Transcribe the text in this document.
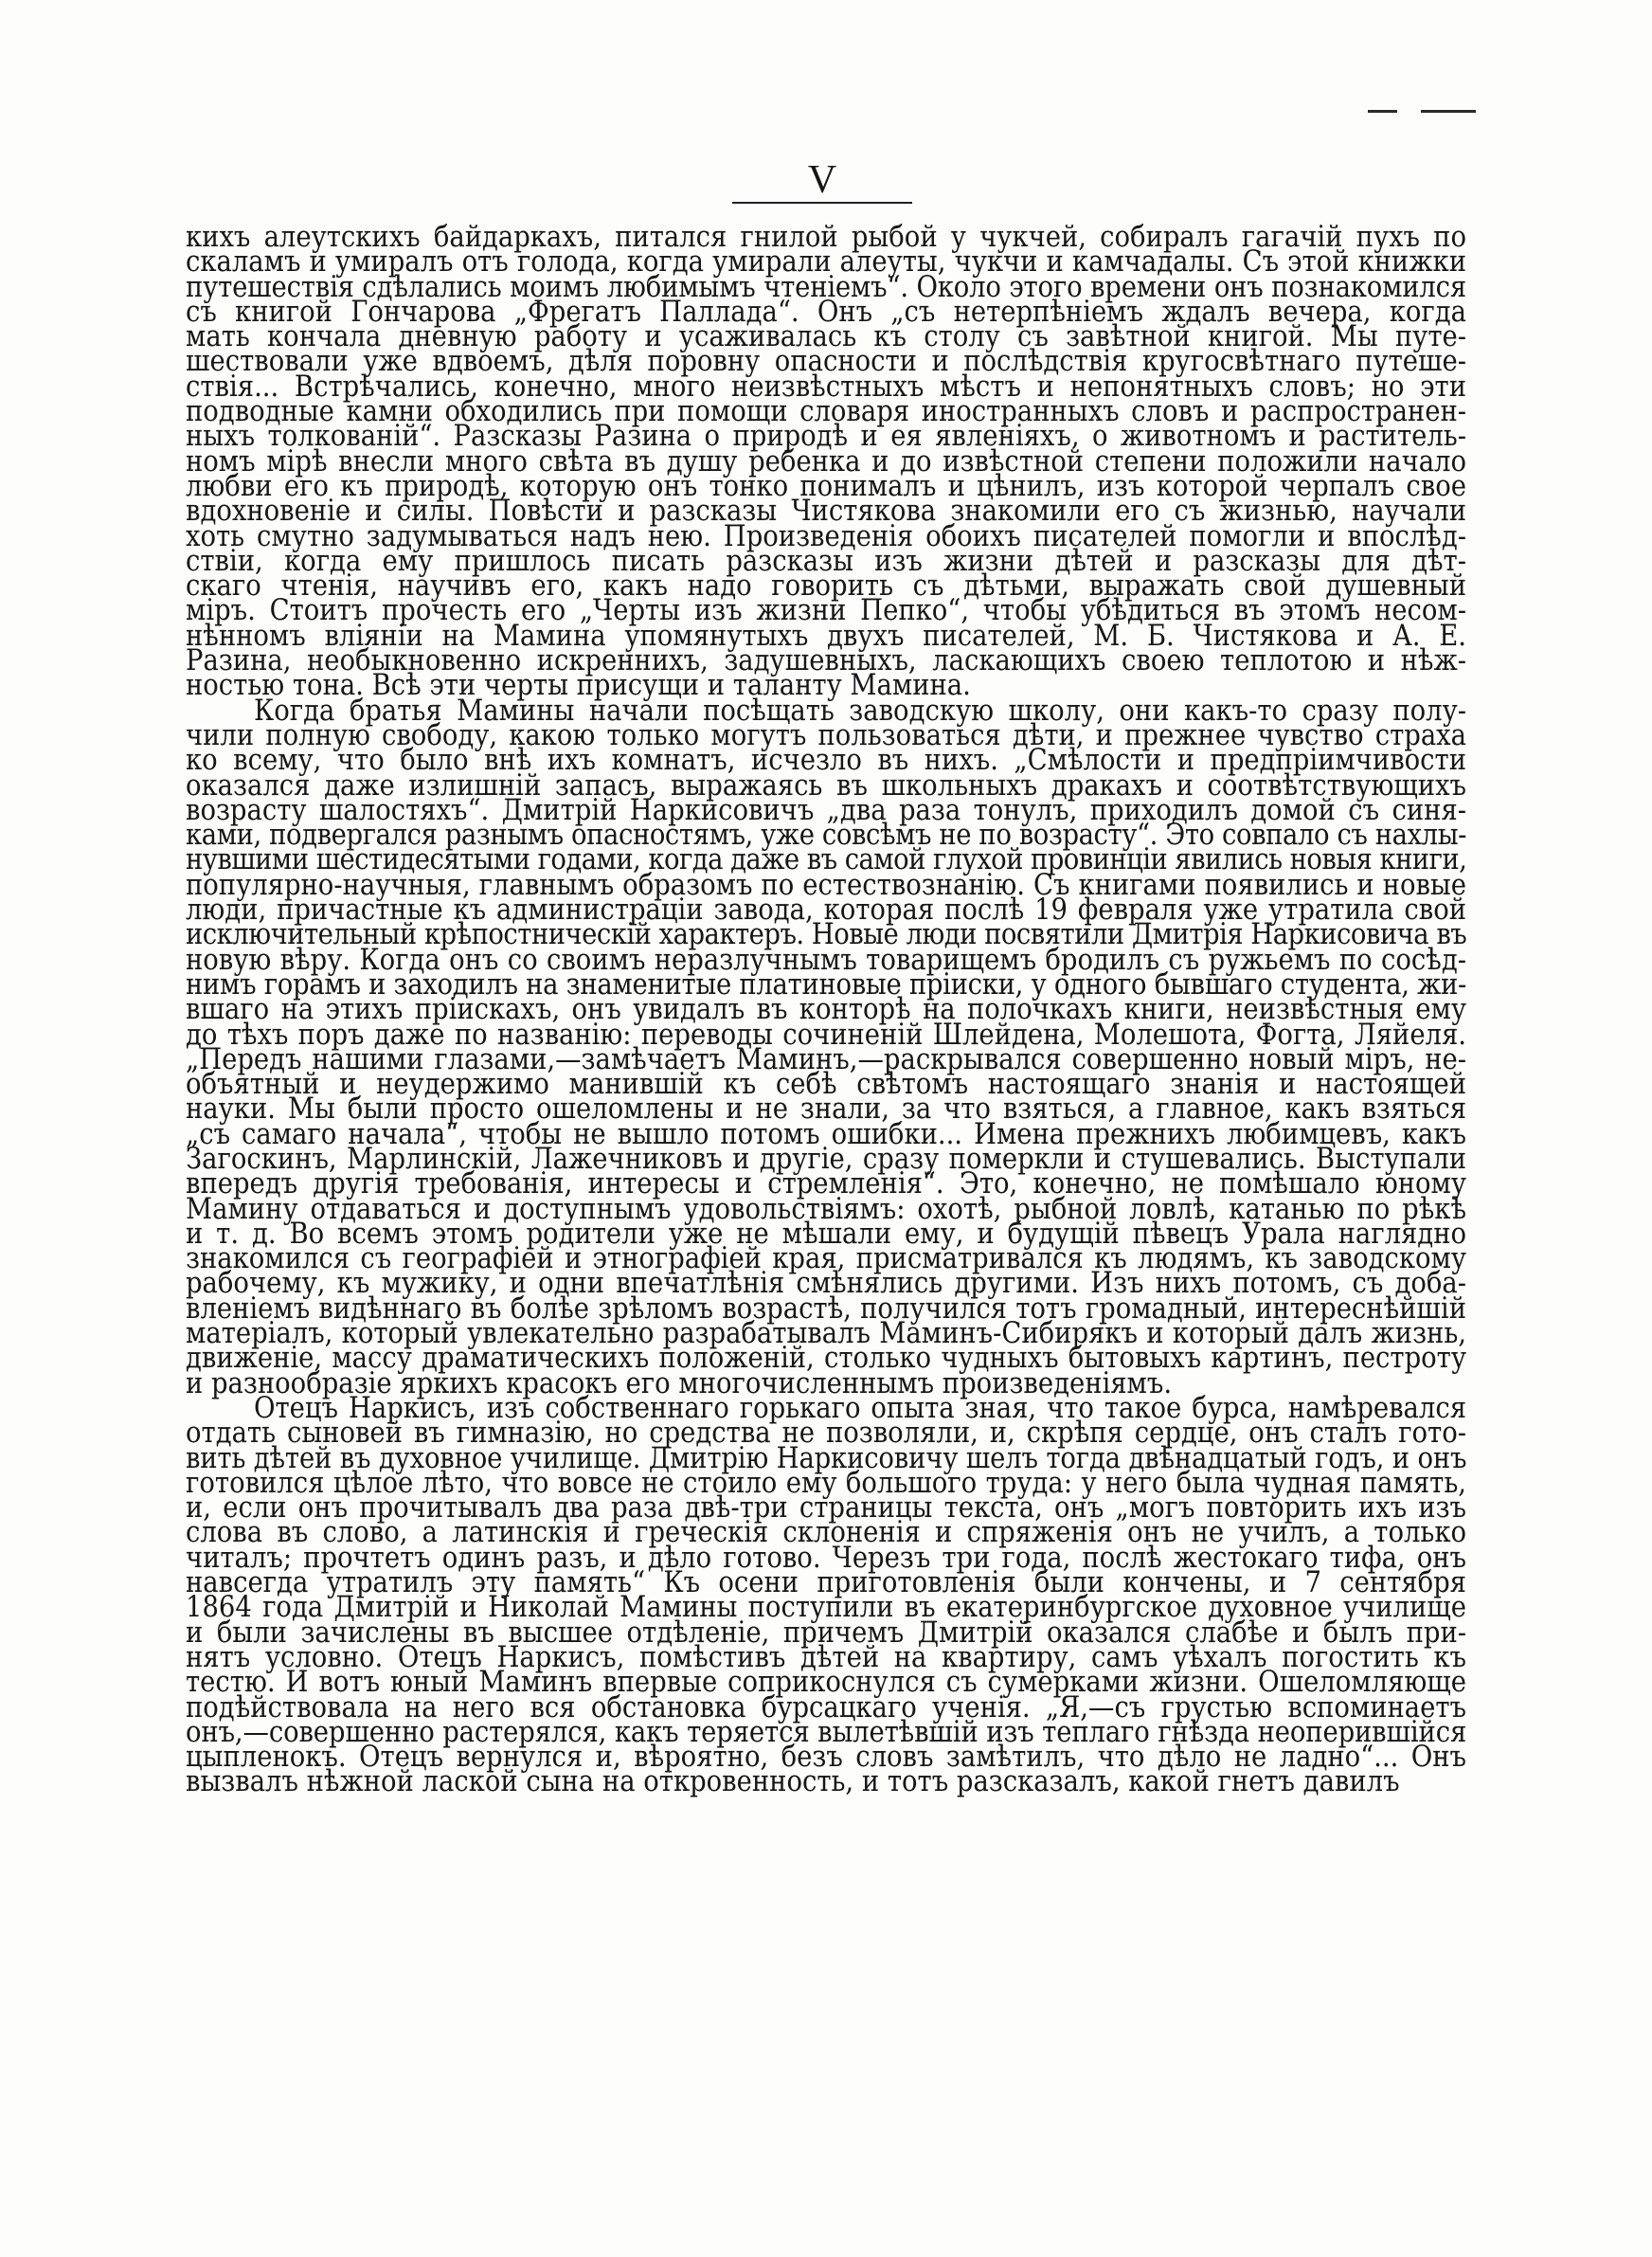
V
кихъ алеутскихъ байдаркахъ, питался гнилой рыбой у чукчей, собиралъ гагачій пухъ по
скаламъ и умиралъ отъ голода, когда умирали алеуты, чукчи и камчадалы. Съ этой книжки
путешествія сдѣлались моимъ любимымъ чтеніемъ“. Около этого времени онъ познакомился
съ книгой Гончарова „Фрегатъ Паллада“. Онъ „съ нетерпѣніемъ ждалъ вечера, когда
мать кончала дневную работу и усаживалась къ столу съ завѣтной книгой. Мы путе-
шествовали уже вдвоемъ, дѣля поровну опасности и послѣдствія кругосвѣтнаго путеше-
ствія... Встрѣчались, конечно, много неизвѣстныхъ мѣстъ и непонятныхъ словъ; но эти
подводные камни обходились при помощи словаря иностранныхъ словъ и распространен-
ныхъ толкованій“. Разсказы Разина о природѣ и ея явленіяхъ, о животномъ и раститель-
номъ мірѣ внесли много свѣта въ душу ребенка и до извѣстной степени положили начало
любви его къ природѣ, которую онъ тонко понималъ и цѣнилъ, изъ которой черпалъ свое
вдохновеніе и силы. Повѣсти и разсказы Чистякова знакомили его съ жизнью, научали
хоть смутно задумываться надъ нею. Произведенія обоихъ писателей помогли и впослѣд-
ствіи, когда ему пришлось писать разсказы изъ жизни дѣтей и разсказы для дѣт-
скаго чтенія, научивъ его, какъ надо говорить съ дѣтьми, выражать свой душевный
міръ. Стоитъ прочесть его „Черты изъ жизни Пепко“, чтобы убѣдиться въ этомъ несом-
нѣнномъ вліяніи на Мамина упомянутыхъ двухъ писателей, М. Б. Чистякова и А. Е.
Разина, необыкновенно искреннихъ, задушевныхъ, ласкающихъ своею теплотою и нѣж-
ностью тона. Всѣ эти черты присущи и таланту Мамина.
Когда братья Мамины начали посѣщать заводскую школу, они какъ-то сразу полу-
чили полную свободу, какою только могутъ пользоваться дѣти, и прежнее чувство страха
ко всему, что было внѣ ихъ комнатъ, исчезло въ нихъ. „Смѣлости и предпріимчивости
оказался даже излишній запасъ, выражаясь въ школьныхъ дракахъ и соотвѣтствующихъ
возрасту шалостяхъ“. Дмитрій Наркисовичъ „два раза тонулъ, приходилъ домой съ синя-
ками, подвергался разнымъ опасностямъ, уже совсѣмъ не по возрасту“. Это совпало съ нахлы-
нувшими шестидесятыми годами, когда даже въ самой глухой провинціи явились новыя книги,
популярно-научныя, главнымъ образомъ по естествознанію. Съ книгами появились и новые
люди, причастные къ администраціи завода, которая послѣ 19 февраля уже утратила свой
исключительный крѣпостническій характеръ. Новые люди посвятили Дмитрія Наркисовича въ
новую вѣру. Когда онъ со своимъ неразлучнымъ товарищемъ бродилъ съ ружьемъ по сосѣд-
нимъ горамъ и заходилъ на знаменитые платиновые пріиски, у одного бывшаго студента, жи-
вшаго на этихъ пріискахъ, онъ увидалъ въ конторѣ на полочкахъ книги, неизвѣстныя ему
до тѣхъ поръ даже по названію: переводы сочиненій Шлейдена, Молешота, Фогта, Ляйеля.
„Передъ нашими глазами,—замѣчаетъ Маминъ,—раскрывался совершенно новый міръ, не-
объятный и неудержимо манившій къ себѣ свѣтомъ настоящаго знанія и настоящей
науки. Мы были просто ошеломлены и не знали, за что взяться, а главное, какъ взяться
„съ самаго начала“, чтобы не вышло потомъ ошибки... Имена прежнихъ любимцевъ, какъ
Загоскинъ, Марлинскій, Лажечниковъ и другіе, сразу померкли и стушевались. Выступали
впередъ другія требованія, интересы и стремленія“. Это, конечно, не помѣшало юному
Мамину отдаваться и доступнымъ удовольствіямъ: охотѣ, рыбной ловлѣ, катанью по рѣкѣ
и т. д. Во всемъ этомъ родители уже не мѣшали ему, и будущій пѣвецъ Урала наглядно
знакомился съ географіей и этнографіей края, присматривался къ людямъ, къ заводскому
рабочему, къ мужику, и одни впечатлѣнія смѣнялись другими. Изъ нихъ потомъ, съ доба-
вленіемъ видѣннаго въ болѣе зрѣломъ возрастѣ, получился тотъ громадный, интереснѣйшій
матеріалъ, который увлекательно разрабатывалъ Маминъ-Сибирякъ и который далъ жизнь,
движеніе, массу драматическихъ положеній, столько чудныхъ бытовыхъ картинъ, пестроту
и разнообразіе яркихъ красокъ его многочисленнымъ произведеніямъ.
Отецъ Наркисъ, изъ собственнаго горькаго опыта зная, что такое бурса, намѣревался
отдать сыновей въ гимназію, но средства не позволяли, и, скрѣпя сердце, онъ сталъ гото-
вить дѣтей въ духовное училище. Дмитрію Наркисовичу шелъ тогда двѣнадцатый годъ, и онъ
готовился цѣлое лѣто, что вовсе не стоило ему большого труда: у него была чудная память,
и, если онъ прочитывалъ два раза двѣ-три страницы текста, онъ „могъ повторить ихъ изъ
слова въ слово, а латинскія и греческія склоненія и спряженія онъ не училъ, а только
читалъ; прочтетъ одинъ разъ, и дѣло готово. Черезъ три года, послѣ жестокаго тифа, онъ
навсегда утратилъ эту память“ Къ осени приготовленія были кончены, и 7 сентября
1864 года Дмитрій и Николай Мамины поступили въ екатеринбургское духовное училище
и были зачислены въ высшее отдѣленіе, причемъ Дмитрій оказался слабѣе и былъ при-
нятъ условно. Отецъ Наркисъ, помѣстивъ дѣтей на квартиру, самъ уѣхалъ погостить къ
тестю. И вотъ юный Маминъ впервые соприкоснулся съ сумерками жизни. Ошеломляюще
подѣйствовала на него вся обстановка бурсацкаго ученія. „Я,—съ грустью вспоминаетъ
онъ,—совершенно растерялся, какъ теряется вылетѣвшій изъ теплаго гнѣзда неоперившійся
цыпленокъ. Отецъ вернулся и, вѣроятно, безъ словъ замѣтилъ, что дѣло не ладно“... Онъ
вызвалъ нѣжной лаской сына на откровенность, и тотъ разсказалъ, какой гнетъ давилъ
